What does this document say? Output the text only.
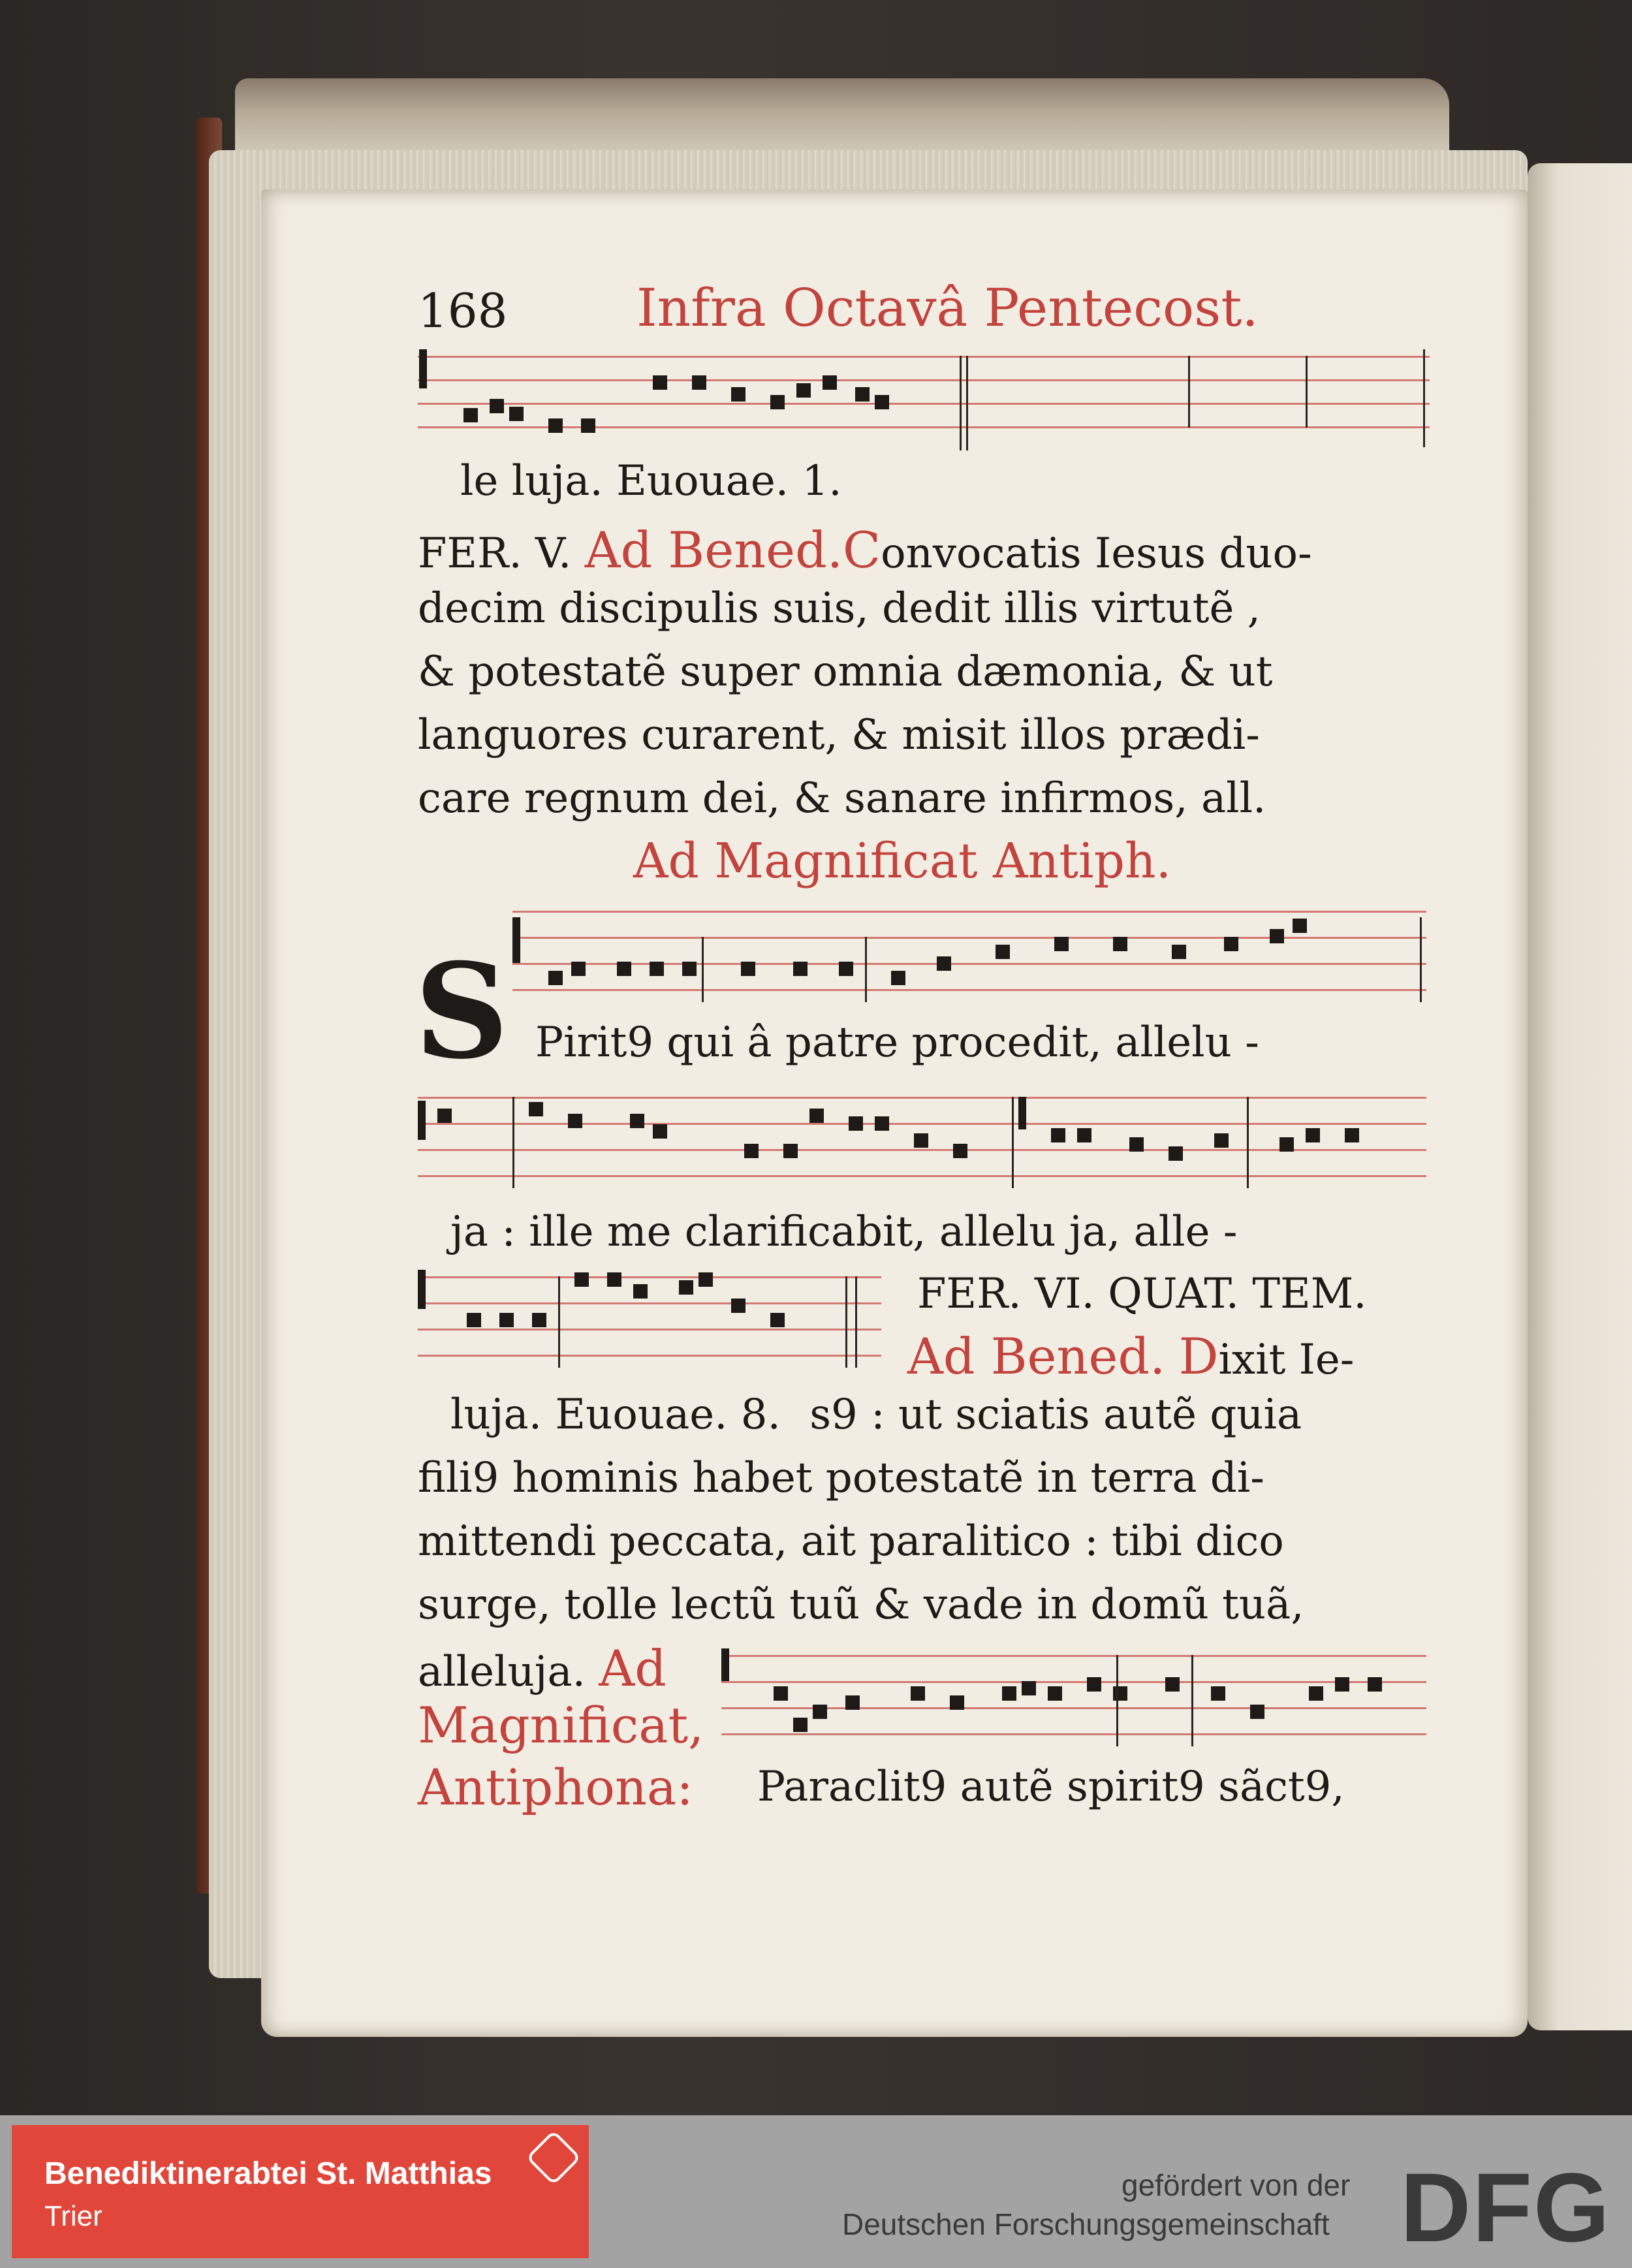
168 Infra Octavâ Pentecost.
le luja. Euouae. 1.
FER. V. Ad Bened.Convocatis Iesus duo-
decim discipulis suis, dedit illis virtutẽ ,
& potestatẽ super omnia dæmonia, & ut
languores curarent, & misit illos prædi-
care regnum dei, & sanare infirmos, all.
Ad Magnificat Antiph.
S Pirit9 qui â patre procedit, allelu -
ja : ille me clarificabit, allelu ja, alle -
FER. VI. QUAT. TEM.
Ad Bened. Dixit Ie-
luja. Euouae. 8. s9 : ut sciatis autẽ quia
fili9 hominis habet potestatẽ in terra di-
mittendi peccata, ait paralitico : tibi dico
surge, tolle lectũ tuũ & vade in domũ tuã,
alleluja. Ad
Magnificat,
Antiphona: Paraclit9 autẽ spirit9 sãct9,
Benediktinerabtei St. Matthias
Trier
gefördert von der
Deutschen Forschungsgemeinschaft DFG
